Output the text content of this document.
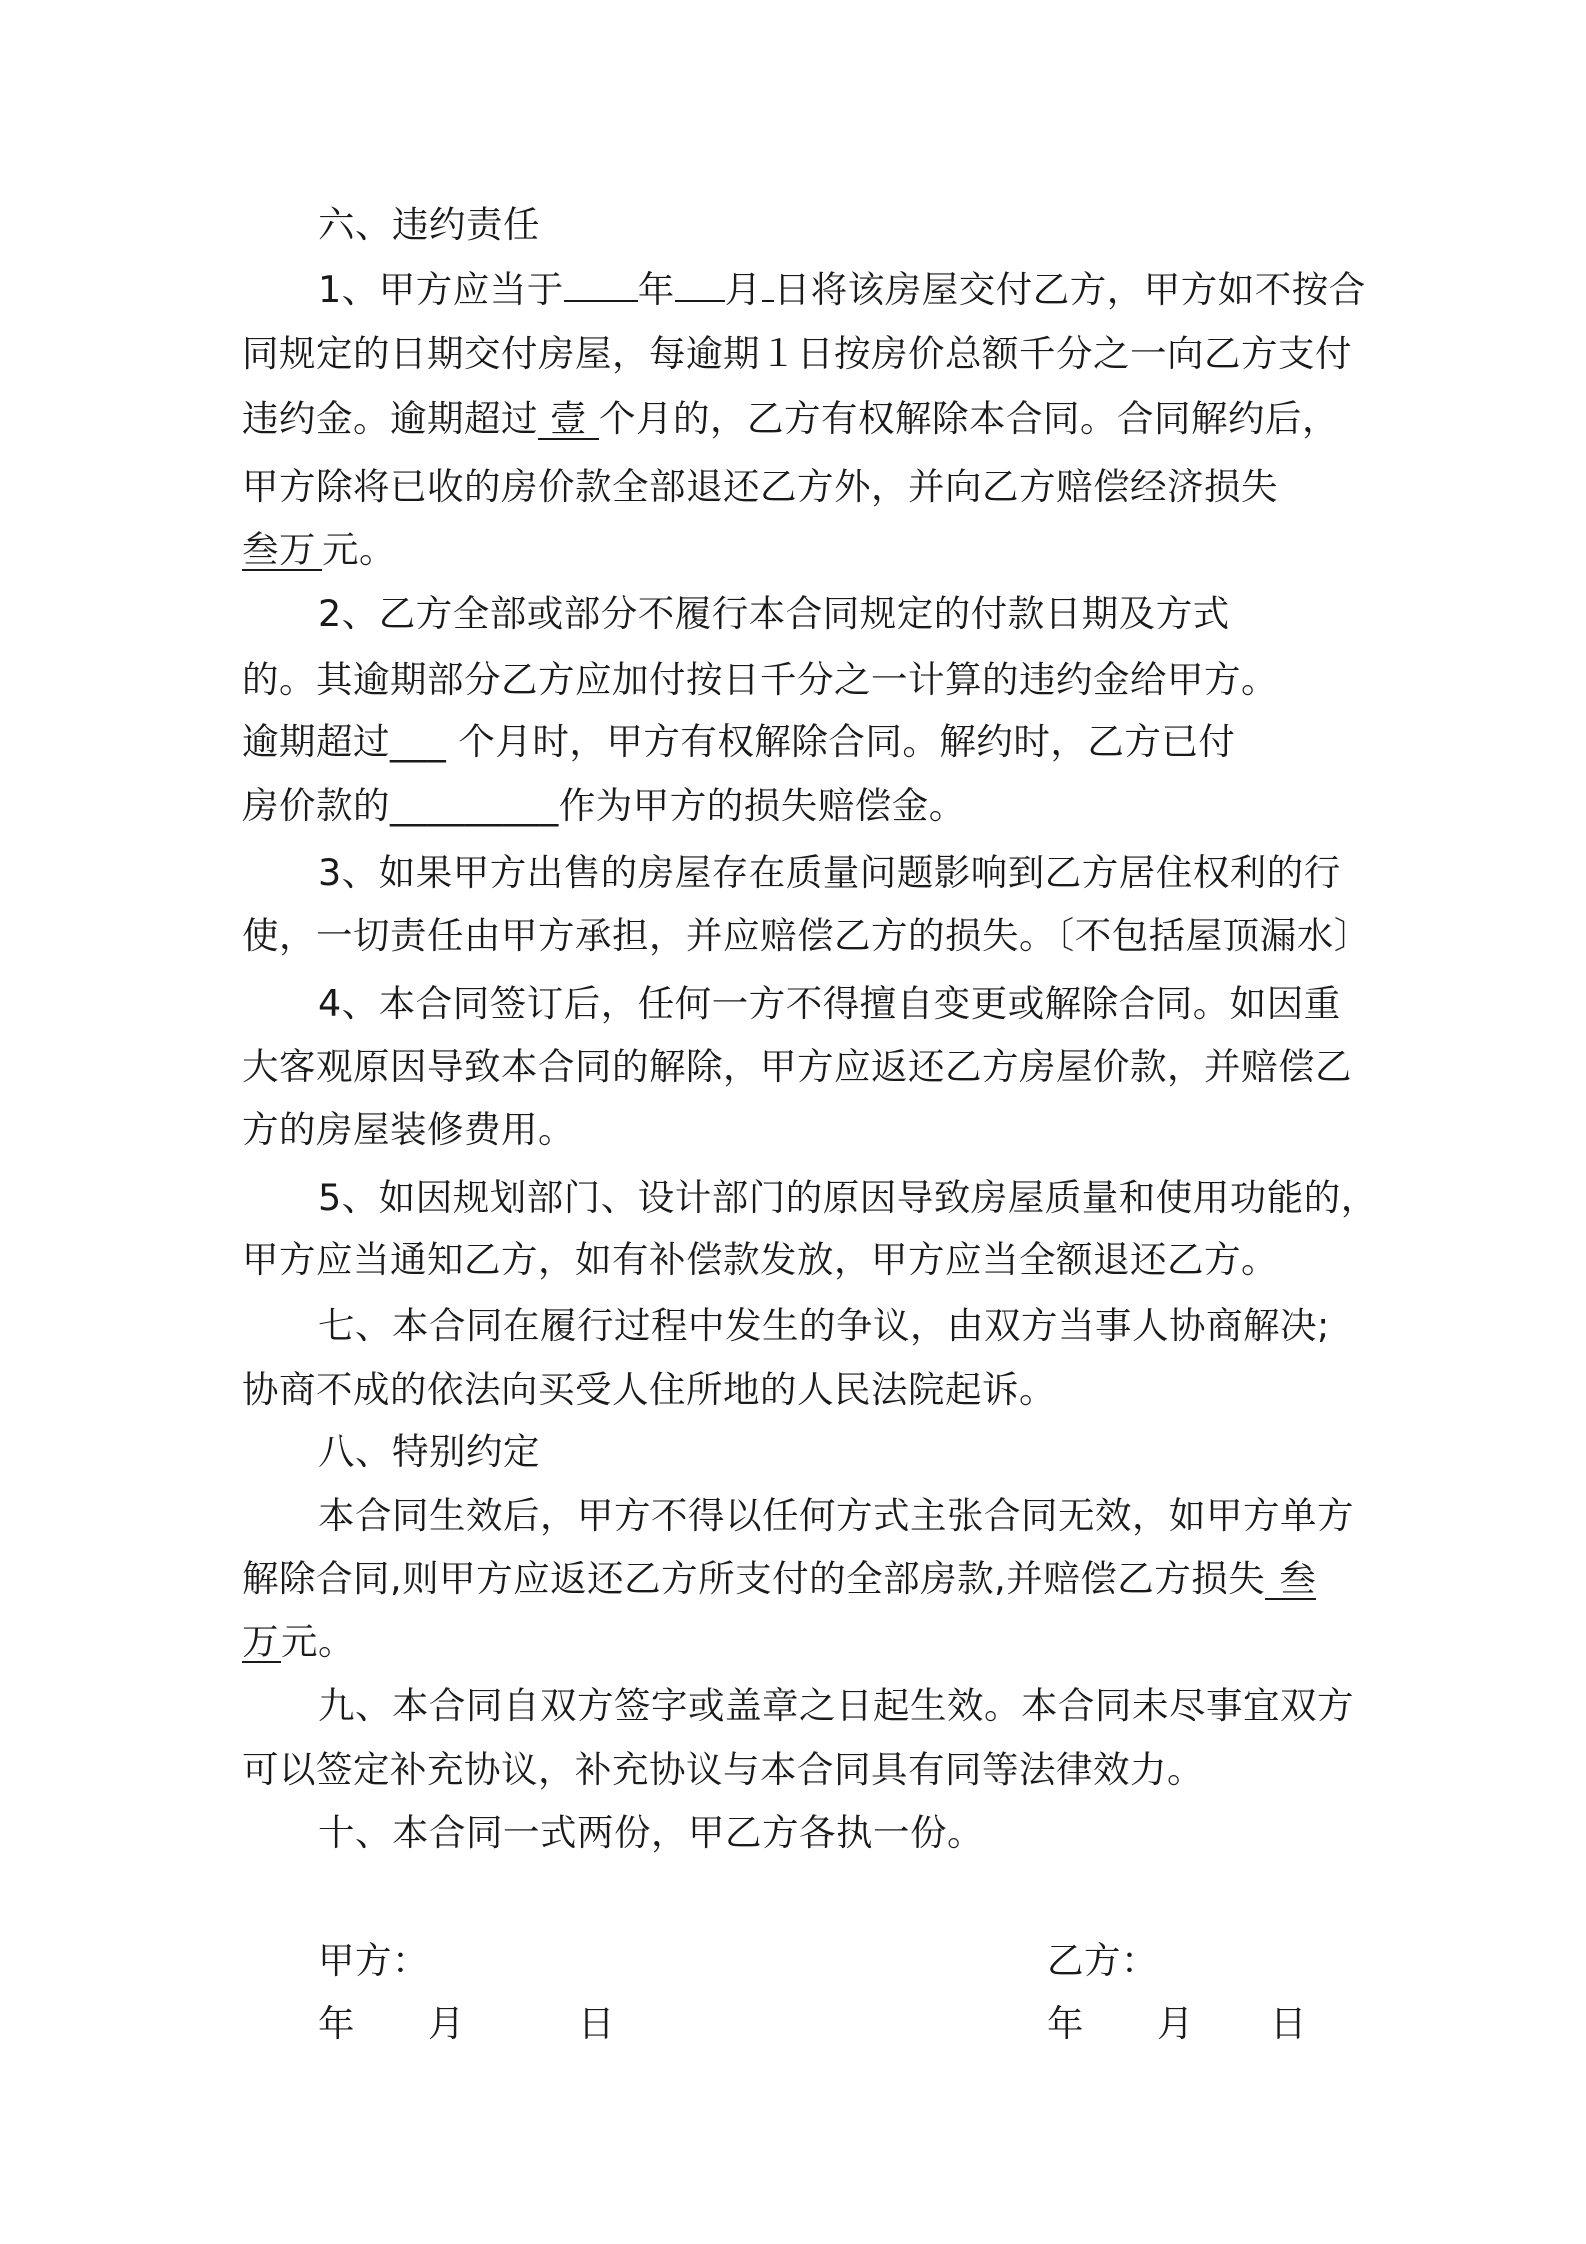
六、违约责任
1、甲方应当于 年 月 日将该房屋交付乙方，甲方如不按合
同规定的日期交付房屋，每逾期１日按房价总额千分之一向乙方支付
违约金。逾期超过 壹 个月的，乙方有权解除本合同。合同解约后，
甲方除将已收的房价款全部退还乙方外，并向乙方赔偿经济损失
叁万 元。
2、乙方全部或部分不履行本合同规定的付款日期及方式
的。其逾期部分乙方应加付按日千分之一计算的违约金给甲方。
逾期超过___ 个月时，甲方有权解除合同。解约时，乙方已付
房价款的_________作为甲方的损失赔偿金。
3、如果甲方出售的房屋存在质量问题影响到乙方居住权利的行
使，一切责任由甲方承担，并应赔偿乙方的损失。〔不包括屋顶漏水〕
4、本合同签订后，任何一方不得擅自变更或解除合同。如因重
大客观原因导致本合同的解除，甲方应返还乙方房屋价款，并赔偿乙
方的房屋装修费用。
5、如因规划部门、设计部门的原因导致房屋质量和使用功能的，
甲方应当通知乙方，如有补偿款发放，甲方应当全额退还乙方。
七、本合同在履行过程中发生的争议，由双方当事人协商解决;
协商不成的依法向买受人住所地的人民法院起诉。
八、特别约定
本合同生效后，甲方不得以任何方式主张合同无效，如甲方单方
解除合同,则甲方应返还乙方所支付的全部房款,并赔偿乙方损失 叁
万元。
九、本合同自双方签字或盖章之日起生效。本合同未尽事宜双方
可以签定补充协议，补充协议与本合同具有同等法律效力。
十、本合同一式两份，甲乙方各执一份。
甲方：	乙方：
年 月	日	年 月 日
